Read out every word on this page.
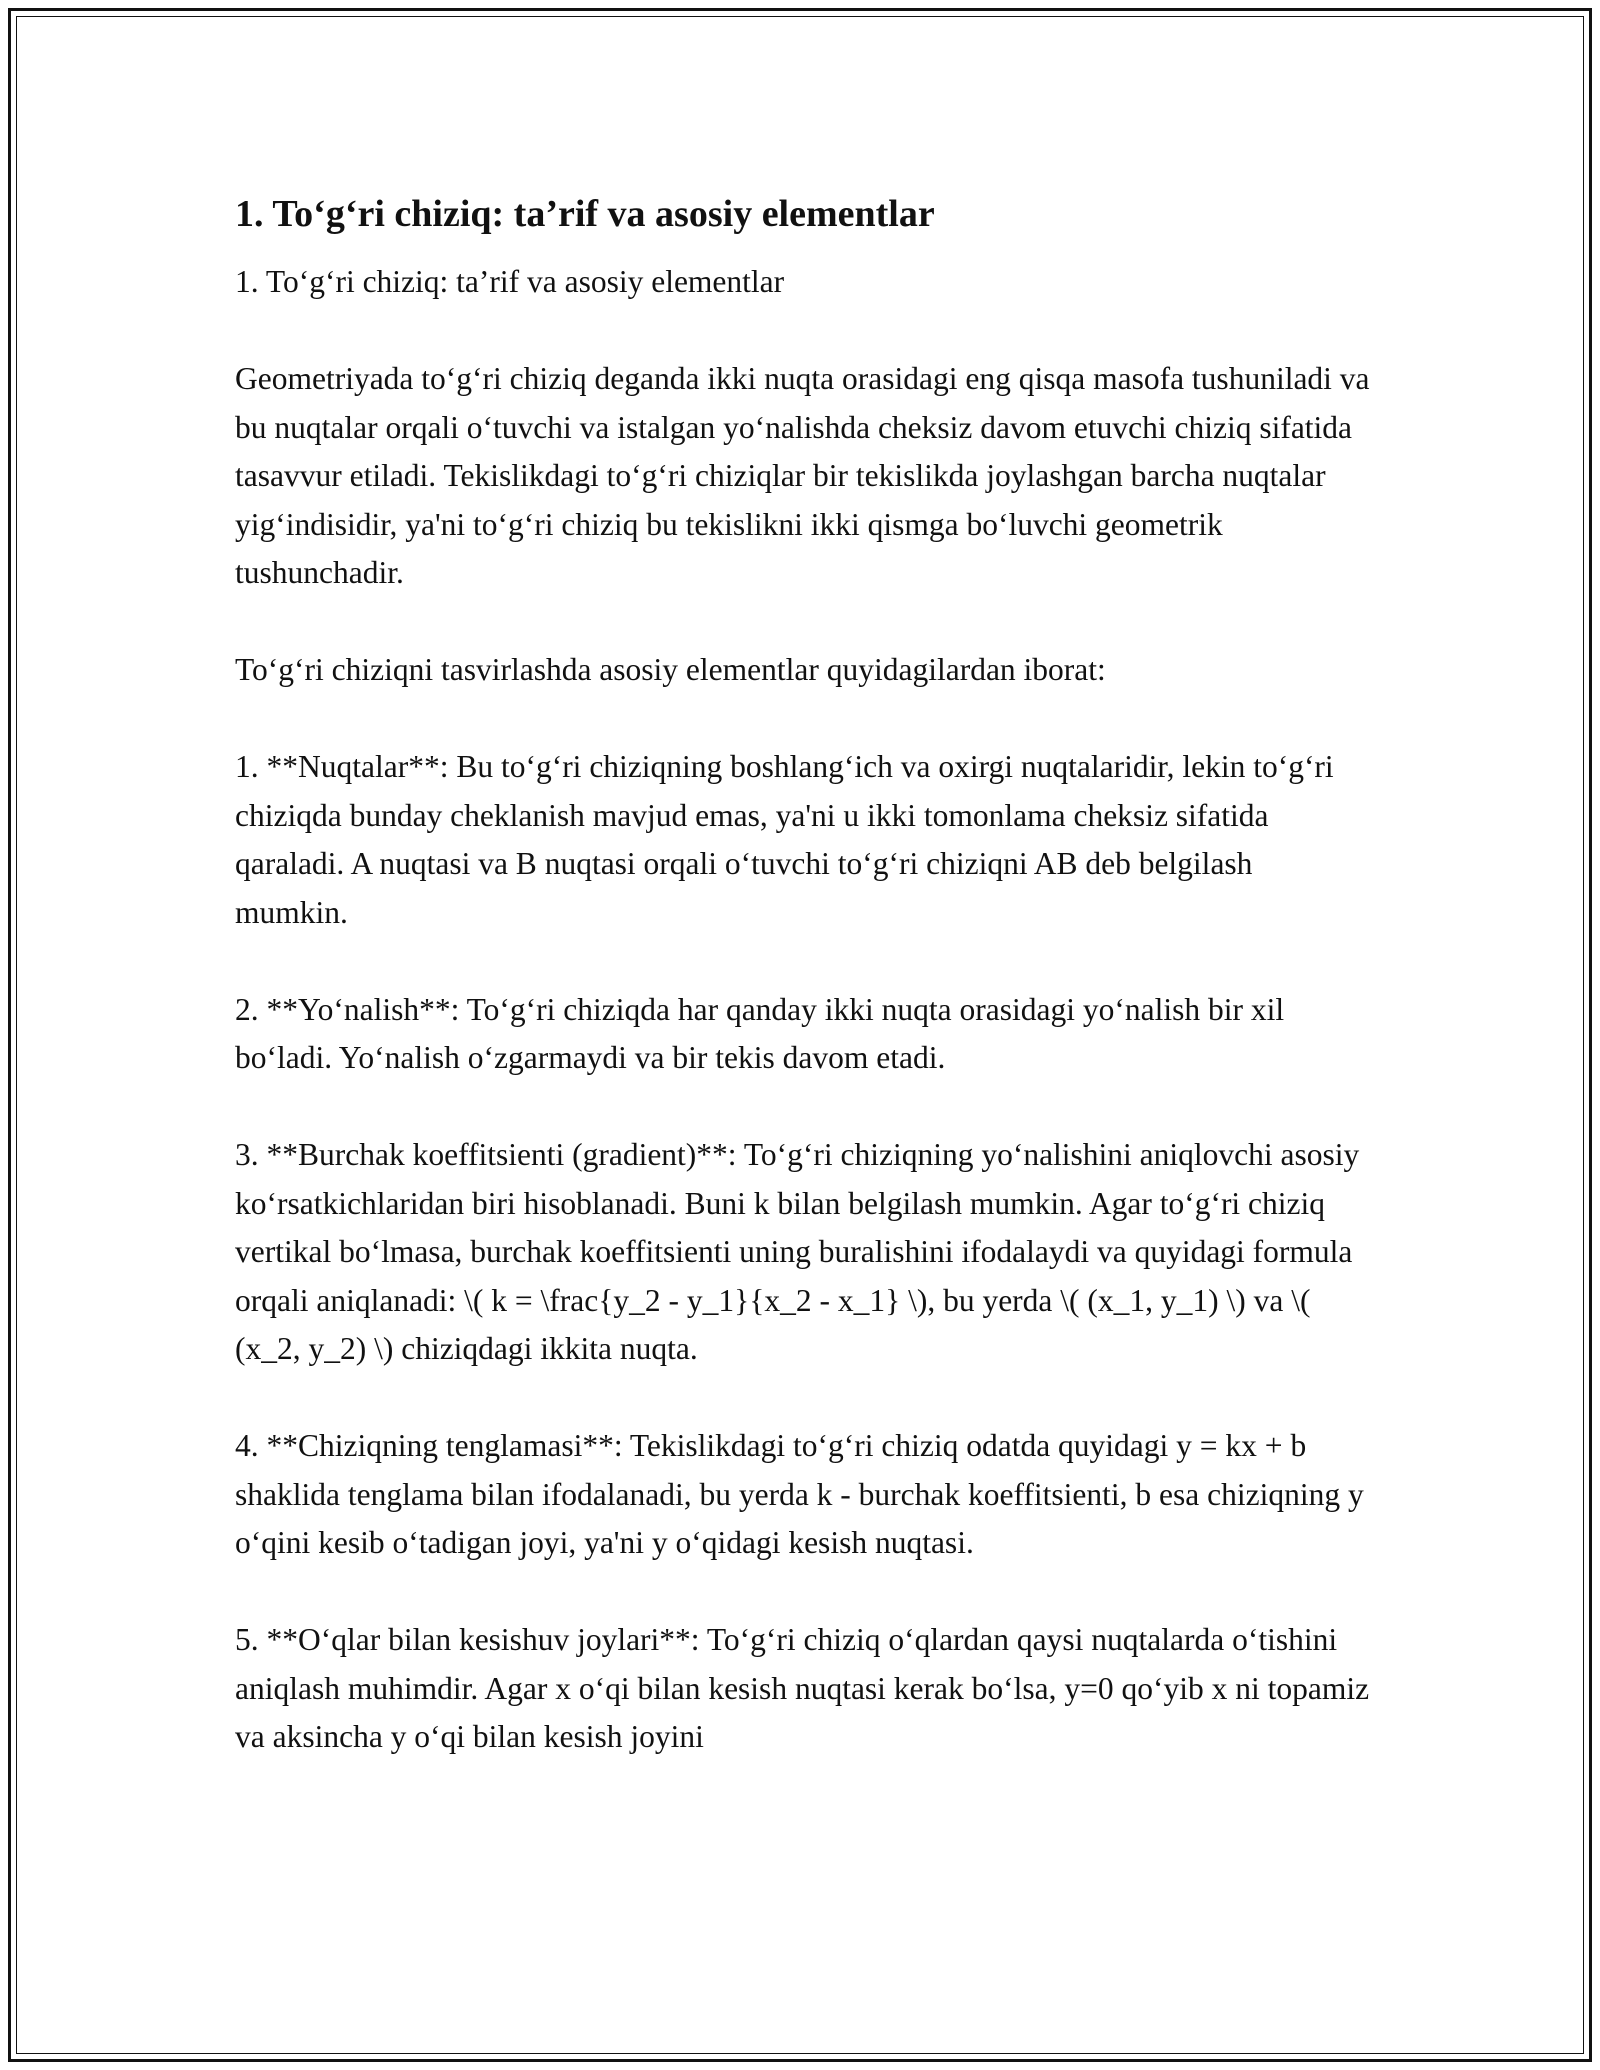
1. To‘g‘ri chiziq: ta’rif va asosiy elementlar

1. To‘g‘ri chiziq: ta’rif va asosiy elementlar

Geometriyada to‘g‘ri chiziq deganda ikki nuqta orasidagi eng qisqa masofa tushuniladi va bu nuqtalar orqali o‘tuvchi va istalgan yo‘nalishda cheksiz davom etuvchi chiziq sifatida tasavvur etiladi. Tekislikdagi to‘g‘ri chiziqlar bir tekislikda joylashgan barcha nuqtalar yig‘indisidir, ya'ni to‘g‘ri chiziq bu tekislikni ikki qismga bo‘luvchi geometrik tushunchadir.

To‘g‘ri chiziqni tasvirlashda asosiy elementlar quyidagilardan iborat:

1. **Nuqtalar**: Bu to‘g‘ri chiziqning boshlang‘ich va oxirgi nuqtalaridir, lekin to‘g‘ri chiziqda bunday cheklanish mavjud emas, ya'ni u ikki tomonlama cheksiz sifatida qaraladi. A nuqtasi va B nuqtasi orqali o‘tuvchi to‘g‘ri chiziqni AB deb belgilash mumkin.

2. **Yo‘nalish**: To‘g‘ri chiziqda har qanday ikki nuqta orasidagi yo‘nalish bir xil bo‘ladi. Yo‘nalish o‘zgarmaydi va bir tekis davom etadi.

3. **Burchak koeffitsienti (gradient)**: To‘g‘ri chiziqning yo‘nalishini aniqlovchi asosiy ko‘rsatkichlaridan biri hisoblanadi. Buni k bilan belgilash mumkin. Agar to‘g‘ri chiziq vertikal bo‘lmasa, burchak koeffitsienti uning buralishini ifodalaydi va quyidagi formula orqali aniqlanadi: \( k = \frac{y_2 - y_1}{x_2 - x_1} \), bu yerda \( (x_1, y_1) \) va \( (x_2, y_2) \) chiziqdagi ikkita nuqta.

4. **Chiziqning tenglamasi**: Tekislikdagi to‘g‘ri chiziq odatda quyidagi y = kx + b shaklida tenglama bilan ifodalanadi, bu yerda k - burchak koeffitsienti, b esa chiziqning y o‘qini kesib o‘tadigan joyi, ya'ni y o‘qidagi kesish nuqtasi.

5. **O‘qlar bilan kesishuv joylari**: To‘g‘ri chiziq o‘qlardan qaysi nuqtalarda o‘tishini aniqlash muhimdir. Agar x o‘qi bilan kesish nuqtasi kerak bo‘lsa, y=0 qo‘yib x ni topamiz va aksincha y o‘qi bilan kesish joyini
